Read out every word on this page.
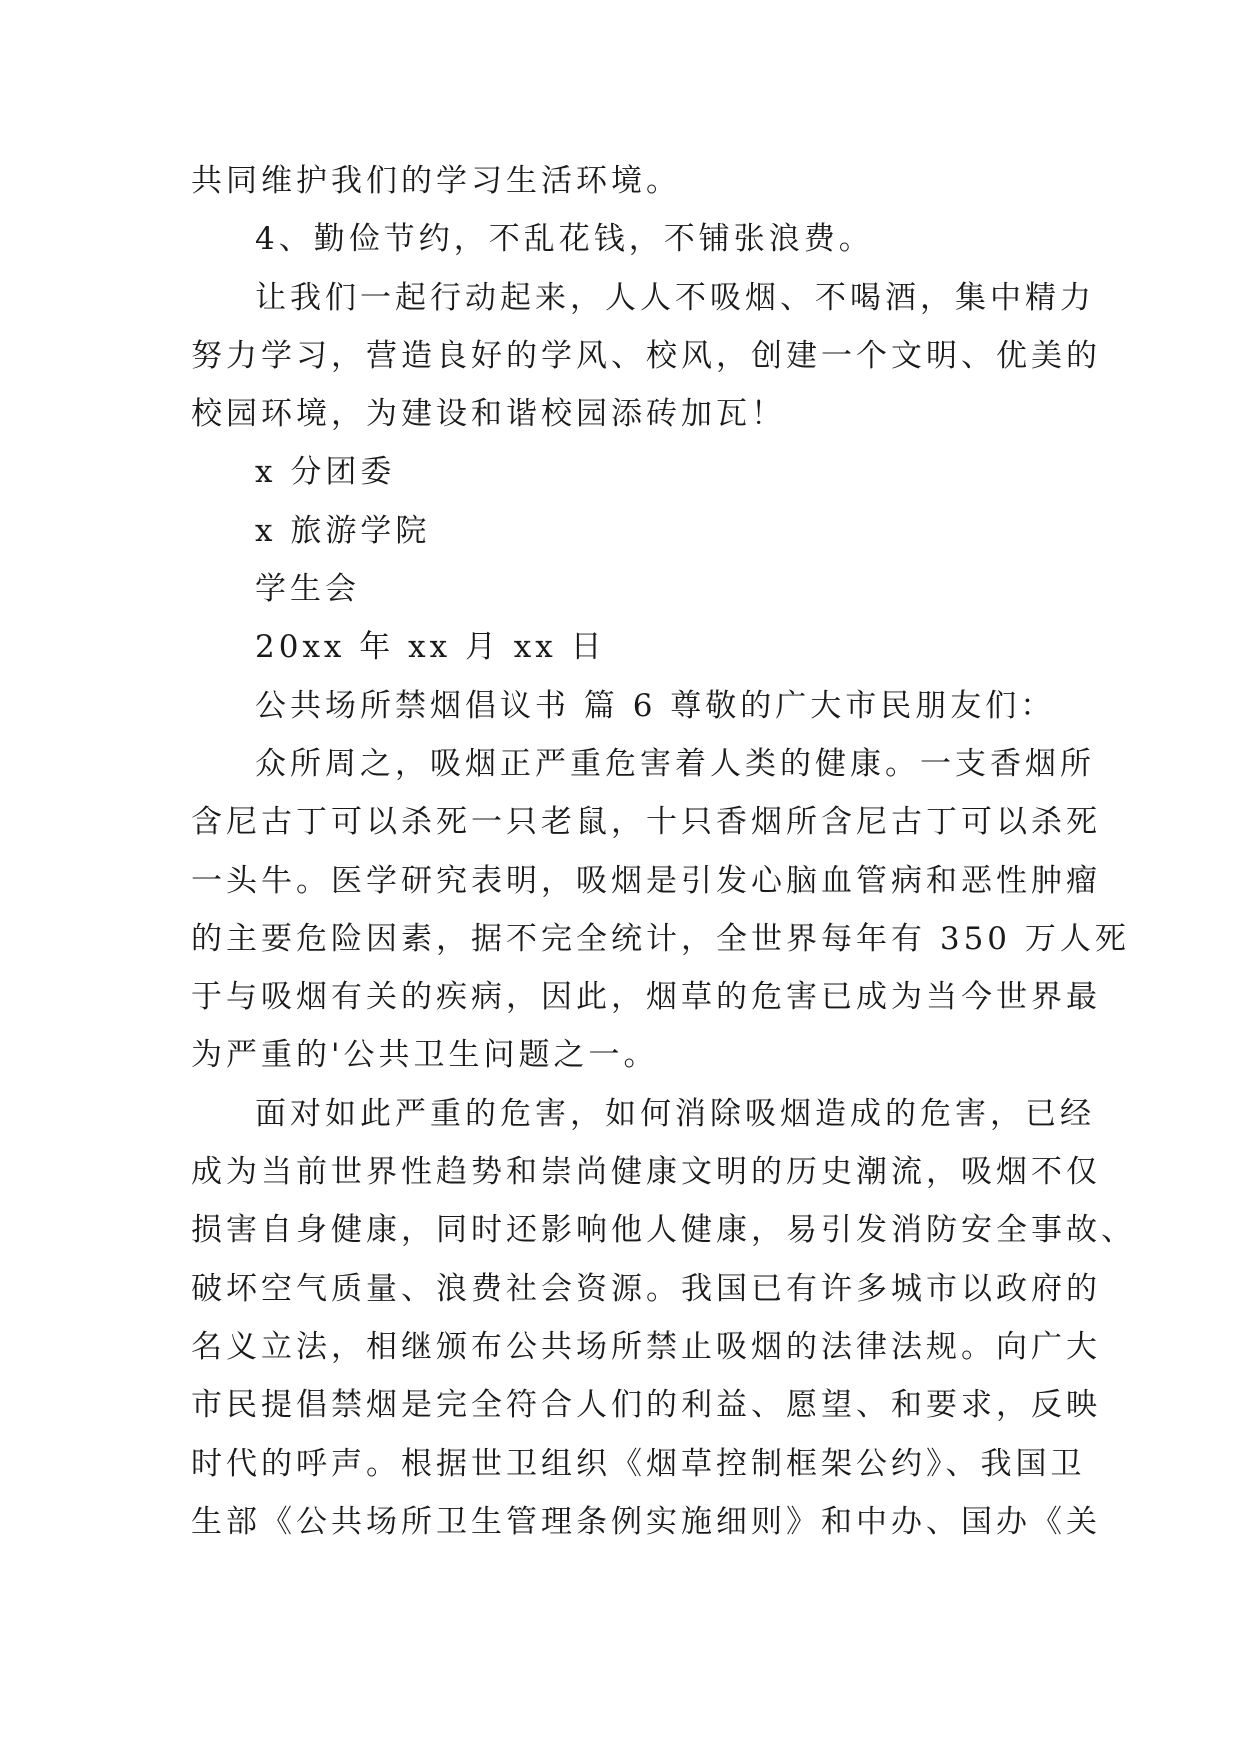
共同维护我们的学习生活环境。
4、勤俭节约，不乱花钱，不铺张浪费。
让我们一起行动起来，人人不吸烟、不喝酒，集中精力
努力学习，营造良好的学风、校风，创建一个文明、优美的
校园环境，为建设和谐校园添砖加瓦！
x 分团委
x 旅游学院
学生会
20xx 年 xx 月 xx 日
公共场所禁烟倡议书 篇 6 尊敬的广大市民朋友们：
众所周之，吸烟正严重危害着人类的健康。一支香烟所
含尼古丁可以杀死一只老鼠，十只香烟所含尼古丁可以杀死
一头牛。医学研究表明，吸烟是引发心脑血管病和恶性肿瘤
的主要危险因素，据不完全统计，全世界每年有 350 万人死
于与吸烟有关的疾病，因此，烟草的危害已成为当今世界最
为严重的'公共卫生问题之一。
面对如此严重的危害，如何消除吸烟造成的危害，已经
成为当前世界性趋势和崇尚健康文明的历史潮流，吸烟不仅
损害自身健康，同时还影响他人健康，易引发消防安全事故、
破坏空气质量、浪费社会资源。我国已有许多城市以政府的
名义立法，相继颁布公共场所禁止吸烟的法律法规。向广大
市民提倡禁烟是完全符合人们的利益、愿望、和要求，反映
时代的呼声。根据世卫组织《烟草控制框架公约》、我国卫
生部《公共场所卫生管理条例实施细则》和中办、国办《关
